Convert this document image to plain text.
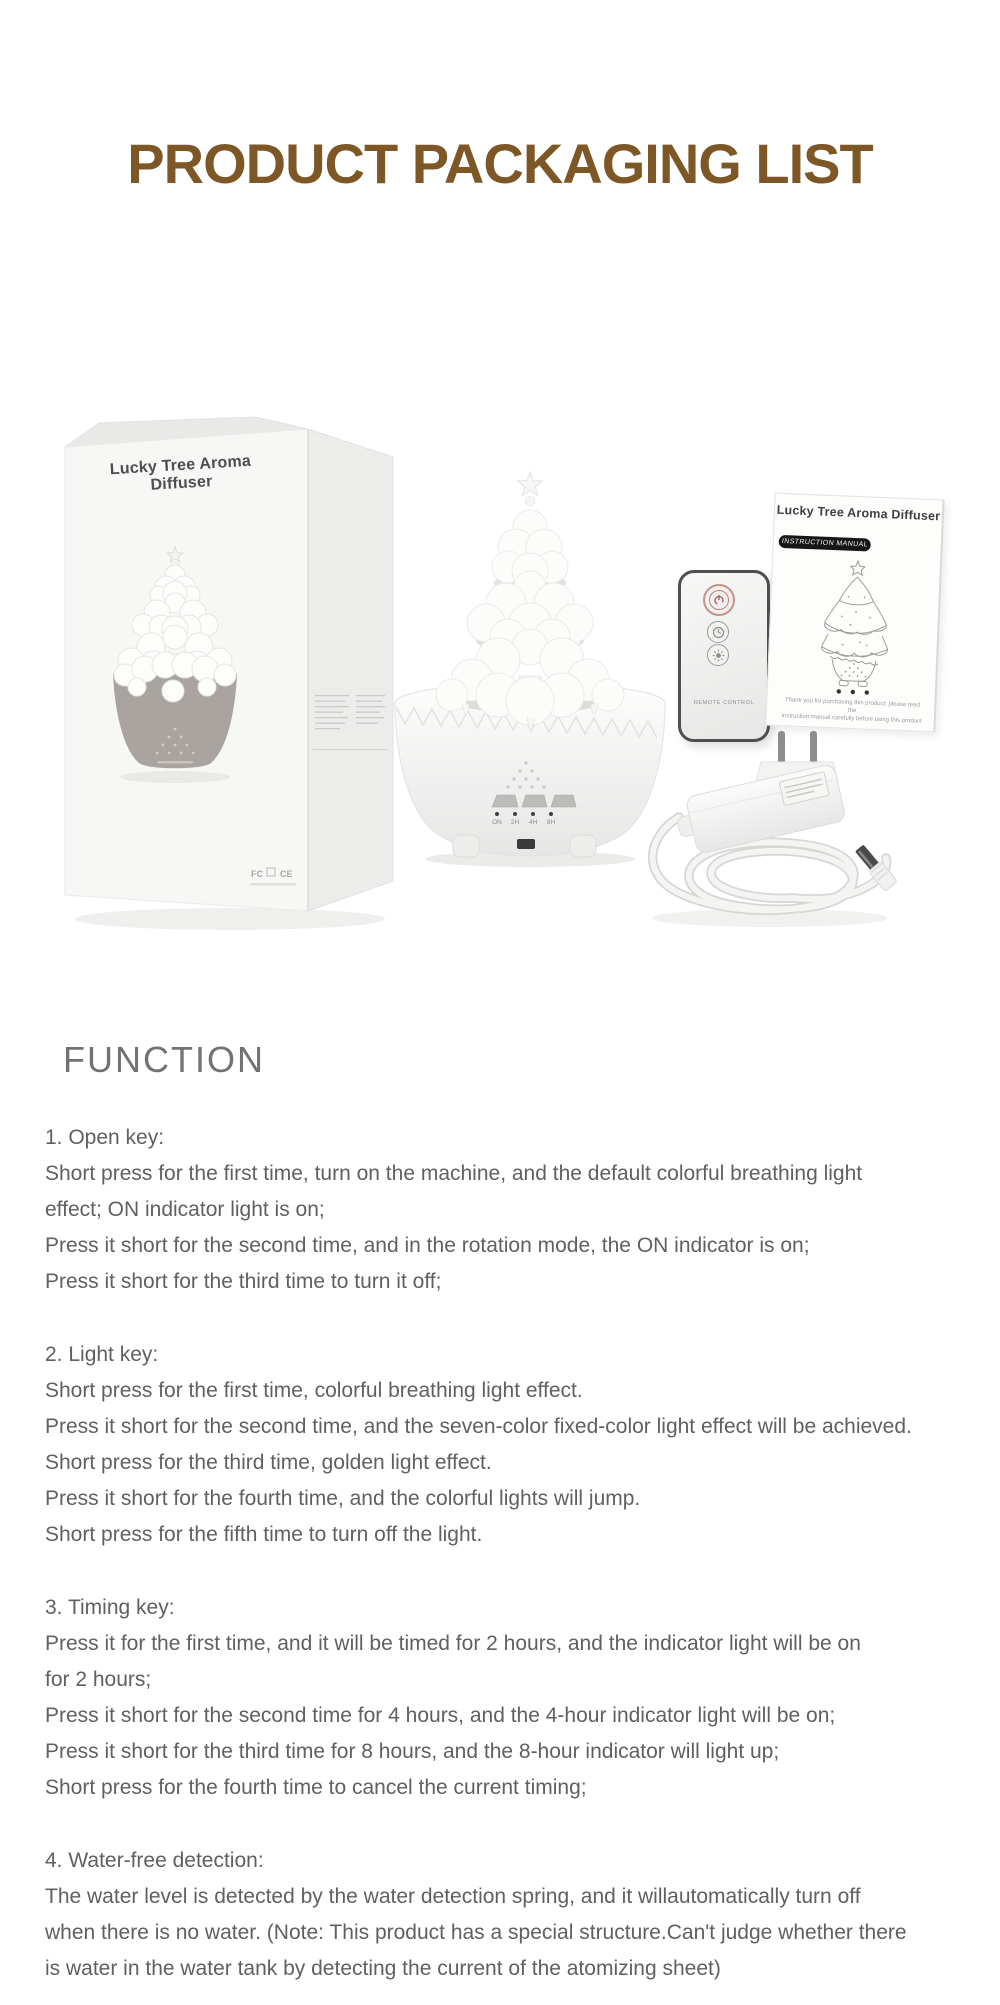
PRODUCT PACKAGING LIST
FC CE
Lucky Tree Aroma Diffuser
ON 2H 4H 8H
REMOTE CONTROL
Lucky Tree Aroma Diffuser
INSTRUCTION MANUAL
Thank you for purchasing this product, please read the
instruction manual carefully before using this product
FUNCTION

1. Open key:

Short press for the first time, turn on the machine, and the default colorful breathing light

effect; ON indicator light is on;

Press it short for the second time, and in the rotation mode, the ON indicator is on;

Press it short for the third time to turn it off;

2. Light key:

Short press for the first time, colorful breathing light effect.

Press it short for the second time, and the seven-color fixed-color light effect will be achieved.

Short press for the third time, golden light effect.

Press it short for the fourth time, and the colorful lights will jump.

Short press for the fifth time to turn off the light.

3. Timing key:

Press it for the first time, and it will be timed for 2 hours, and the indicator light will be on

for 2 hours;

Press it short for the second time for 4 hours, and the 4-hour indicator light will be on;

Press it short for the third time for 8 hours, and the 8-hour indicator will light up;

Short press for the fourth time to cancel the current timing;

4. Water-free detection:

The water level is detected by the water detection spring, and it willautomatically turn off

when there is no water. (Note: This product has a special structure.Can't judge whether there

is water in the water tank by detecting the current of the atomizing sheet)
